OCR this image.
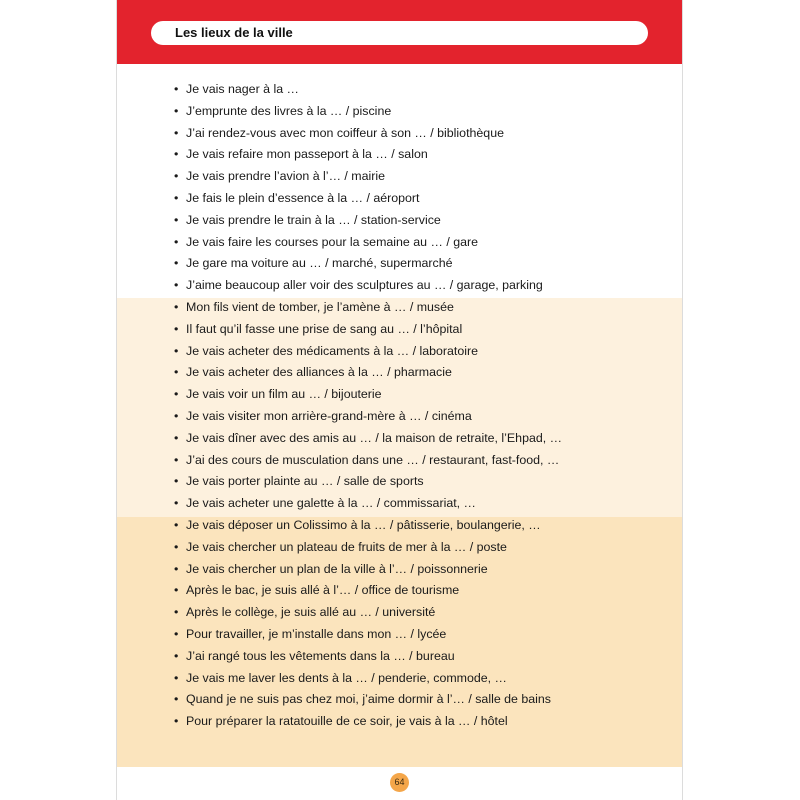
Les lieux de la ville
• Je vais nager à la …
• J’emprunte des livres à la … / piscine
• J’ai rendez-vous avec mon coiffeur à son … / bibliothèque
• Je vais refaire mon passeport à la … / salon
• Je vais prendre l’avion à l’… / mairie
• Je fais le plein d’essence à la … / aéroport
• Je vais prendre le train à la … / station-service
• Je vais faire les courses pour la semaine au … / gare
• Je gare ma voiture au … / marché, supermarché
• J’aime beaucoup aller voir des sculptures au … / garage, parking
• Mon fils vient de tomber, je l’amène à … / musée
• Il faut qu’il fasse une prise de sang au … / l’hôpital
• Je vais acheter des médicaments à la … / laboratoire
• Je vais acheter des alliances à la … / pharmacie
• Je vais voir un film au … / bijouterie
• Je vais visiter mon arrière-grand-mère à … / cinéma
• Je vais dîner avec des amis au … / la maison de retraite, l’Ehpad, …
• J’ai des cours de musculation dans une … / restaurant, fast-food, …
• Je vais porter plainte au … / salle de sports
• Je vais acheter une galette à la … / commissariat, …
• Je vais déposer un Colissimo à la … / pâtisserie, boulangerie, …
• Je vais chercher un plateau de fruits de mer à la … / poste
• Je vais chercher un plan de la ville à l’… / poissonnerie
• Après le bac, je suis allé à l’… / office de tourisme
• Après le collège, je suis allé au … / université
• Pour travailler, je m’installe dans mon … / lycée
• J’ai rangé tous les vêtements dans la … / bureau
• Je vais me laver les dents à la … / penderie, commode, …
• Quand je ne suis pas chez moi, j’aime dormir à l’… / salle de bains
• Pour préparer la ratatouille de ce soir, je vais à la … / hôtel
64
